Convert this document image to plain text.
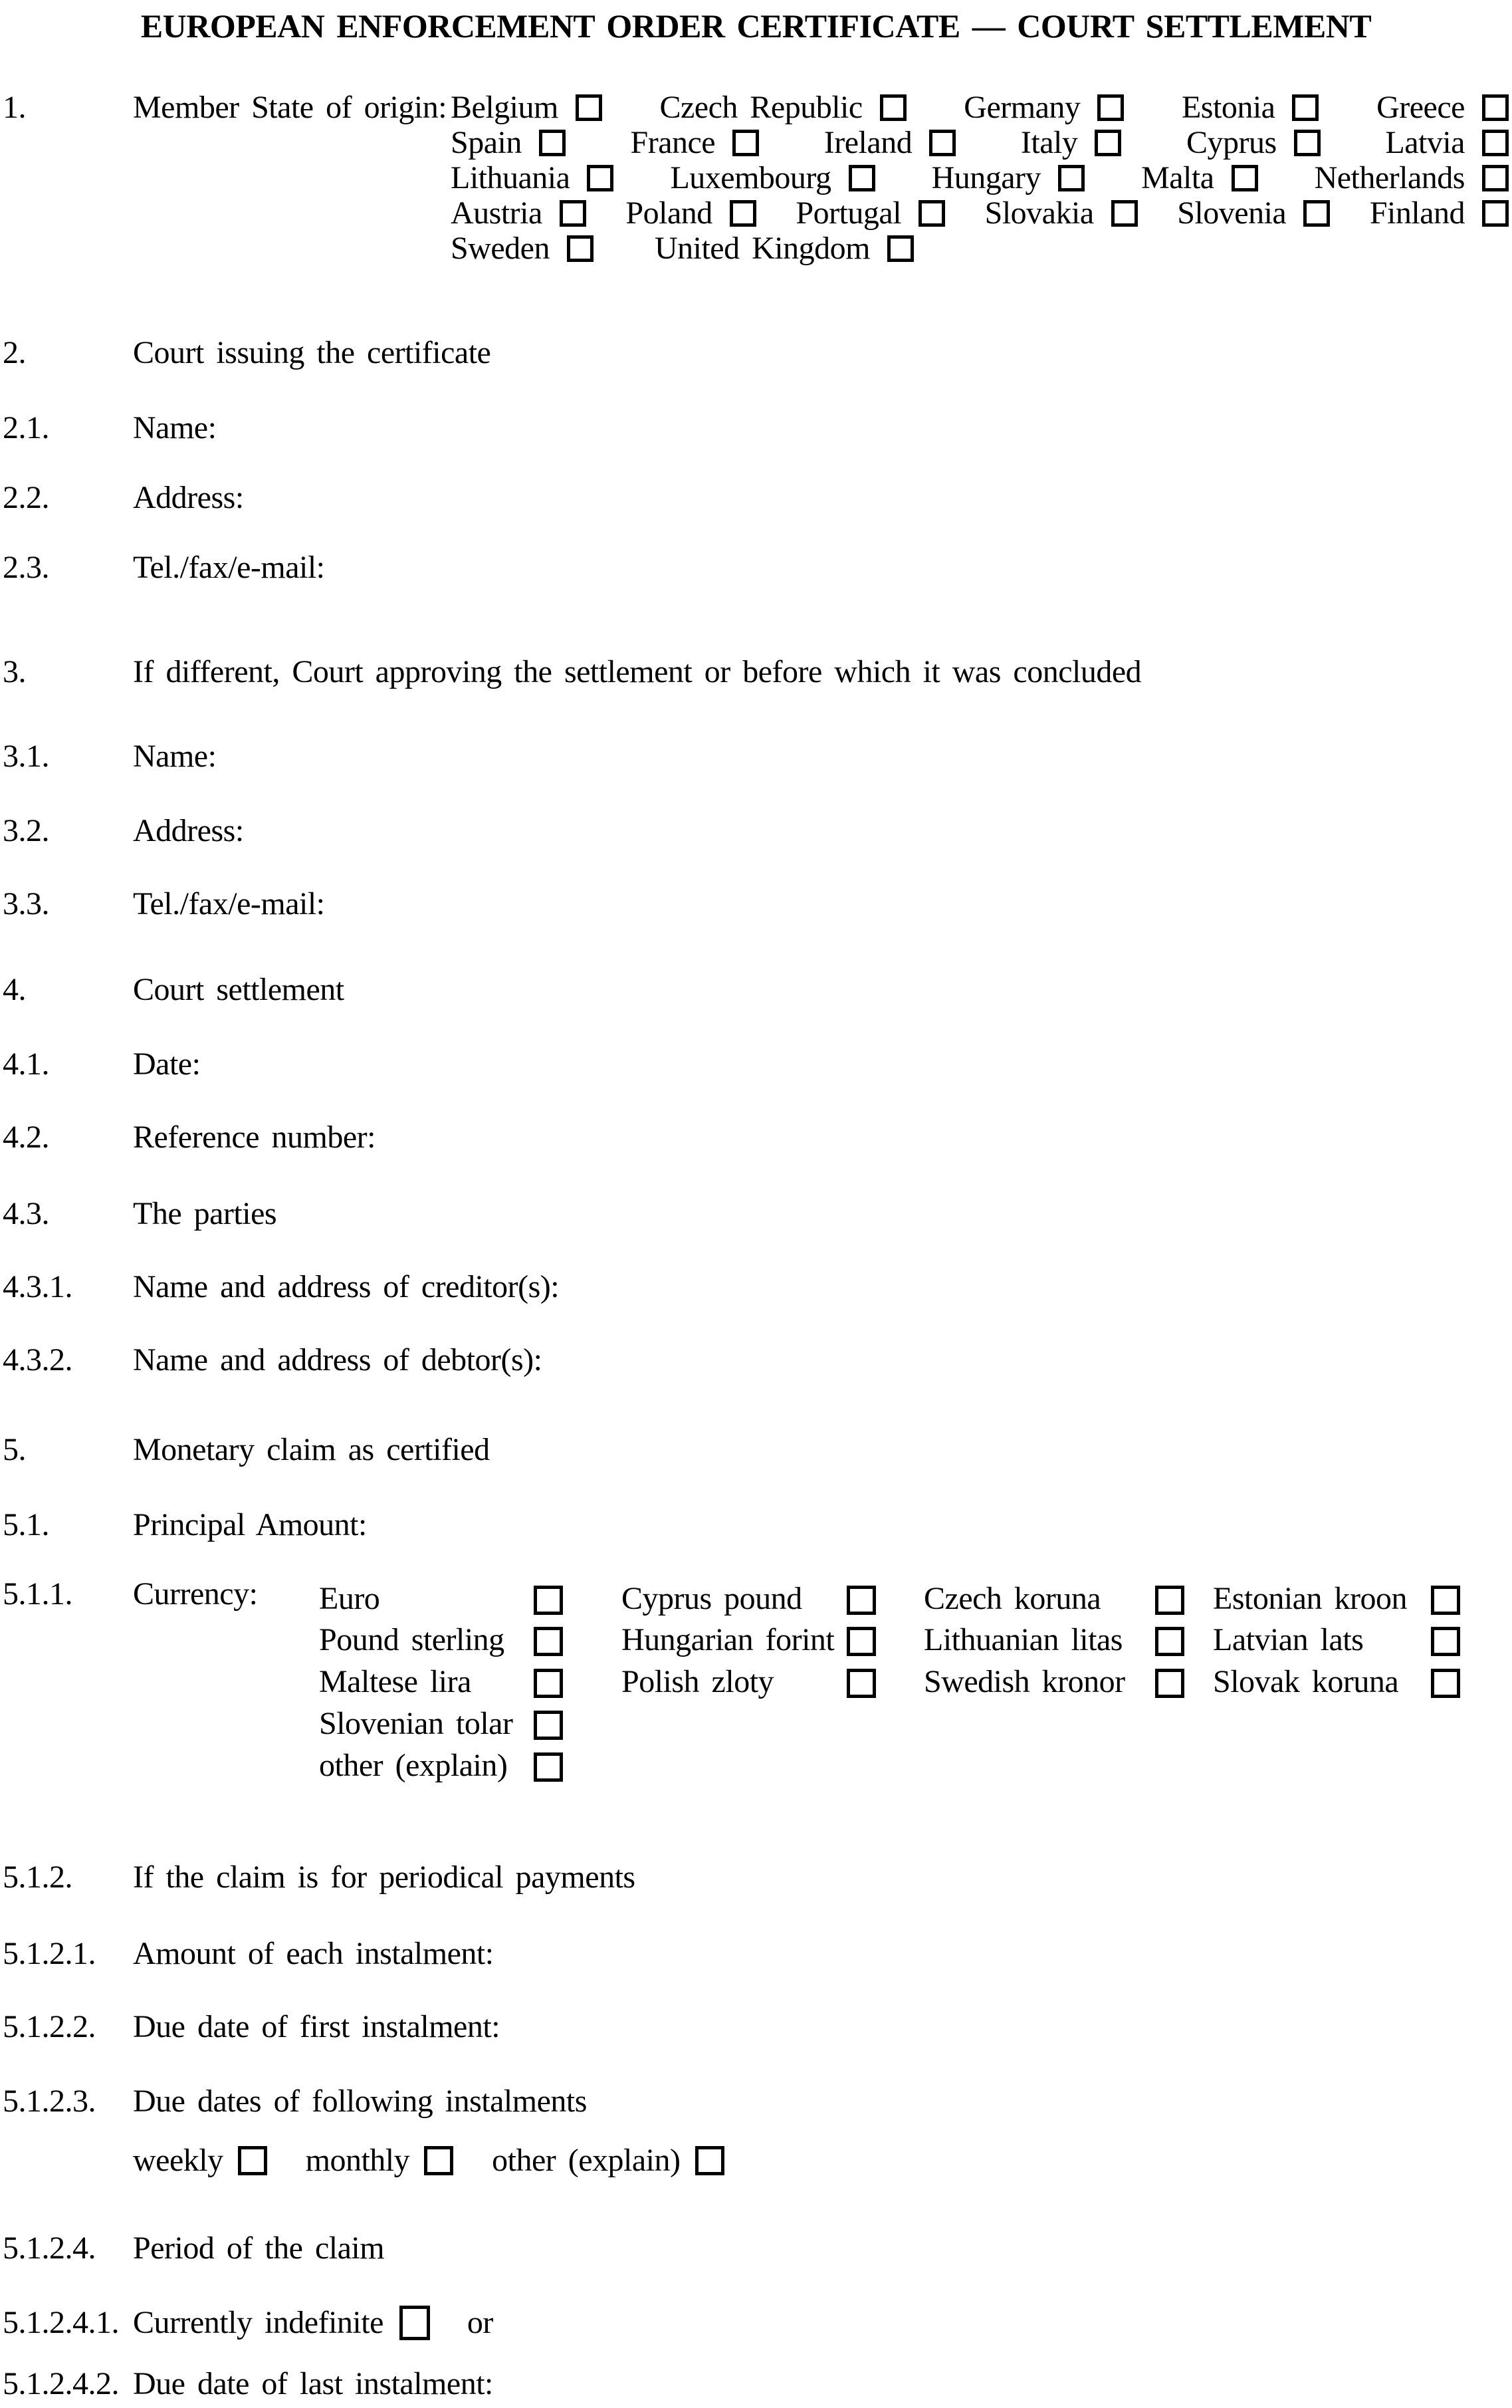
EUROPEAN ENFORCEMENT ORDER CERTIFICATE — COURT SETTLEMENT
1.	Member State of origin: Belgium	Czech Republic	Germany	Estonia	Greece
Spain	France	Ireland	Italy	Cyprus	Latvia
Lithuania	Luxembourg	Hungary	Malta	Netherlands
Austria	Poland	Portugal	Slovakia	Slovenia	Finland
Sweden	United Kingdom
2.	Court issuing the certificate
2.1.	Name:
2.2.	Address:
2.3.	Tel./fax/e-mail:
3.	If different, Court approving the settlement or before which it was concluded
3.1.	Name:
3.2.	Address:
3.3.	Tel./fax/e-mail:
4.	Court settlement
4.1.	Date:
4.2.	Reference number:
4.3.	The parties
4.3.1.	Name and address of creditor(s):
4.3.2.	Name and address of debtor(s):
5.	Monetary claim as certified
5.1.	Principal Amount:
5.1.1.	Currency: Euro	Cyprus pound	Czech koruna	Estonian kroon
Pound sterling	Hungarian forint	Lithuanian litas	Latvian lats
Maltese lira	Polish zloty	Swedish kronor	Slovak koruna
Slovenian tolar
other (explain)
5.1.2.	If the claim is for periodical payments
5.1.2.1.	Amount of each instalment:
5.1.2.2.	Due date of first instalment:
5.1.2.3.	Due dates of following instalments
weekly	monthly	other (explain)
5.1.2.4.	Period of the claim
5.1.2.4.1. Currently indefinite	or
5.1.2.4.2. Due date of last instalment:
